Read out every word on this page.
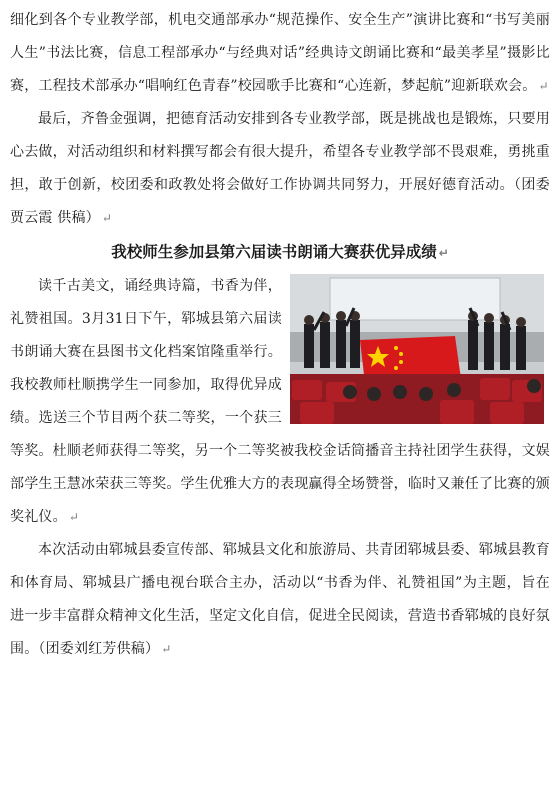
细化到各个专业教学部，机电交通部承办“规范操作、安全生产”演讲比赛和“书写美丽人生”书法比赛，信息工程部承办“与经典对话”经典诗文朗诵比赛和“最美孝星”摄影比赛，工程技术部承办“唱响红色青春”校园歌手比赛和“心连新，梦起航”迎新联欢会。 ↵

最后，齐鲁金强调，把德育活动安排到各专业教学部，既是挑战也是锻炼，只要用心去做，对活动组织和材料撰写都会有很大提升，希望各专业教学部不畏艰难，勇挑重担，敢于创新，校团委和政教处将会做好工作协调共同努力，开展好德育活动。（团委 贾云霞 供稿） ↵

我校师生参加县第六届读书朗诵大赛获优异成绩 ↵

读千古美文，诵经典诗篇，书香为伴，礼赞祖国。3月31日下午，郓城县第六届读书朗诵大赛在县图书文化档案馆隆重举行。我校教师杜顺携学生一同参加，取得优异成绩。选送三个节目两个获二等奖，一个获三等奖。杜顺老师获得二等奖，另一个二等奖被我校金话筒播音主持社团学生获得，文娱部学生王慧冰荣获三等奖。学生优雅大方的表现赢得全场赞誉，临时又兼任了比赛的颁奖礼仪。 ↵

本次活动由郓城县委宣传部、郓城县文化和旅游局、共青团郓城县委、郓城县教育和体育局、郓城县广播电视台联合主办，活动以“书香为伴、礼赞祖国”为主题，旨在进一步丰富群众精神文化生活，坚定文化自信，促进全民阅读，营造书香郓城的良好氛围。（团委刘红芳供稿） ↵
